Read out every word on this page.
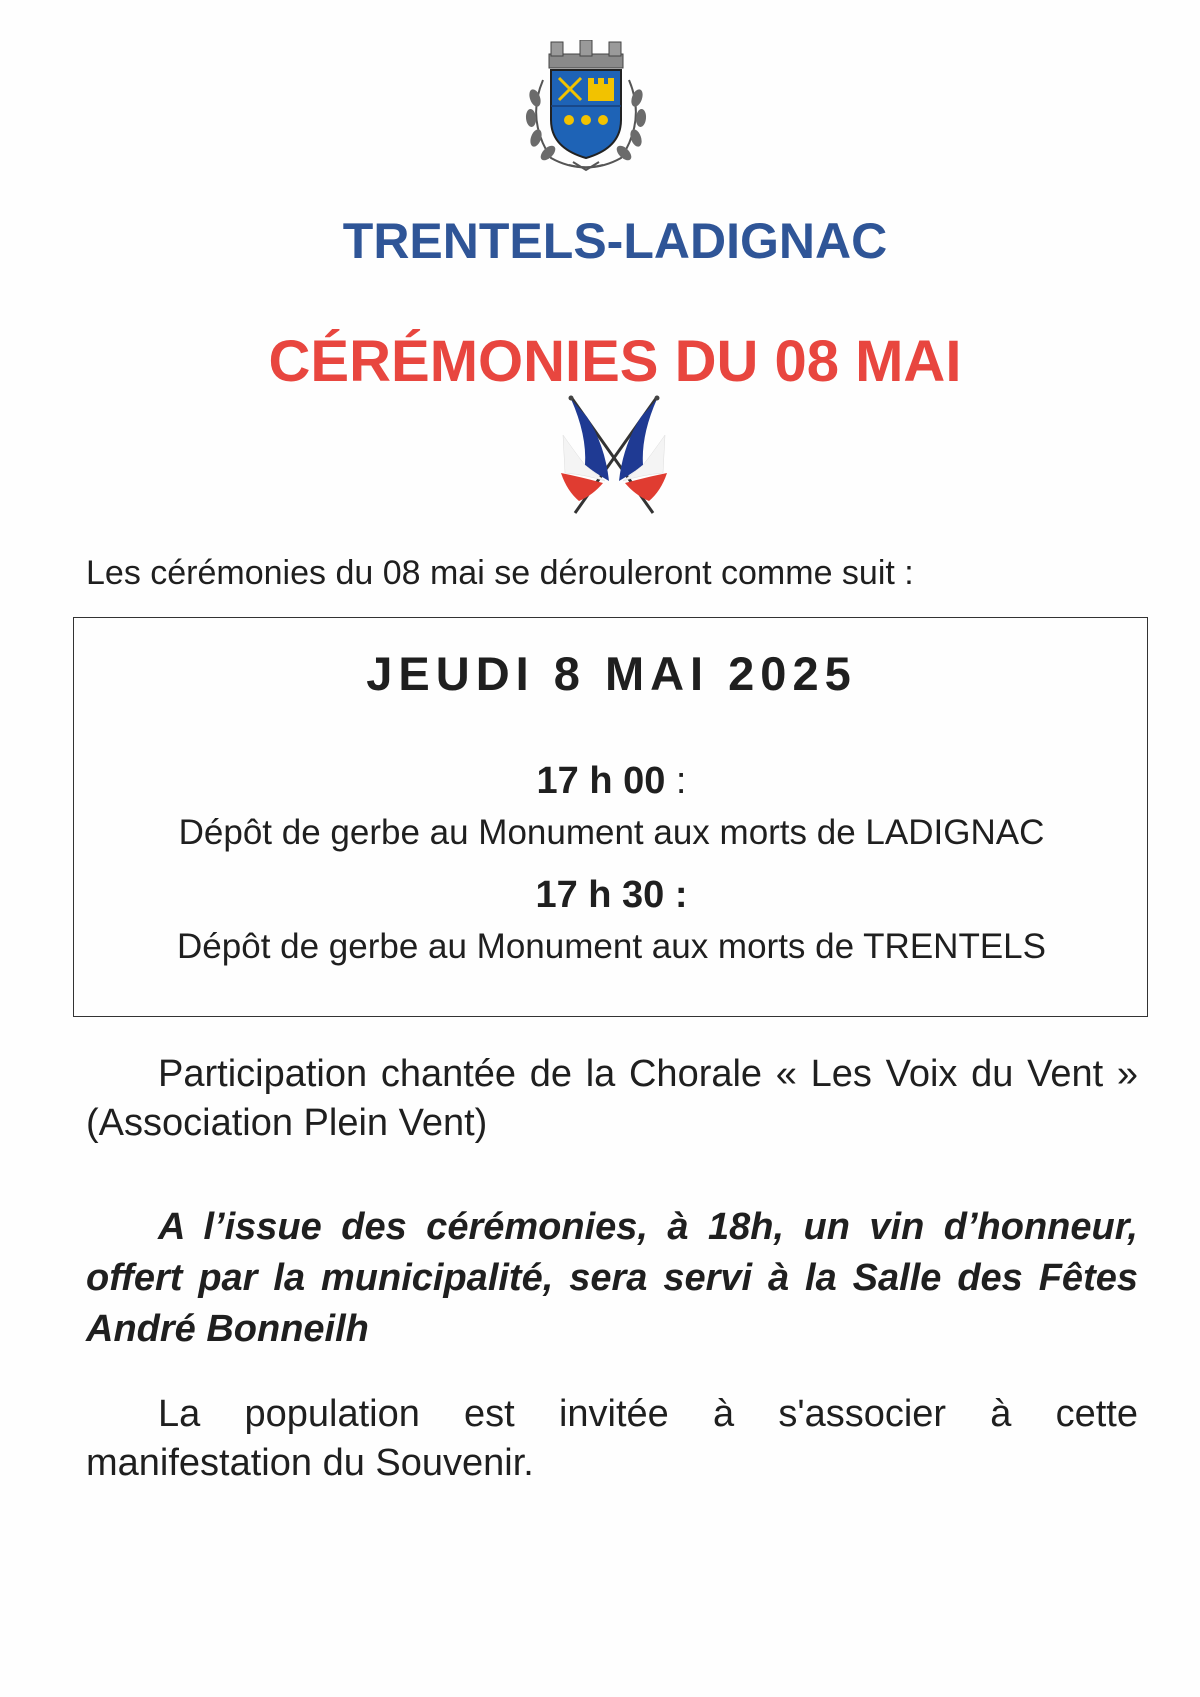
TRENTELS-LADIGNAC
CÉRÉMONIES DU 08 MAI

Les cérémonies du 08 mai se dérouleront comme suit :

JEUDI 8 MAI 2025

17 h 00 :

Dépôt de gerbe au Monument aux morts de LADIGNAC

17 h 30 :

Dépôt de gerbe au Monument aux morts de TRENTELS

Participation chantée de la Chorale « Les Voix du Vent » (Association Plein Vent)

A l’issue des cérémonies, à 18h, un vin d’honneur, offert par la municipalité, sera servi à la Salle des Fêtes André Bonneilh

La population est invitée à s'associer à cette manifestation du Souvenir.
